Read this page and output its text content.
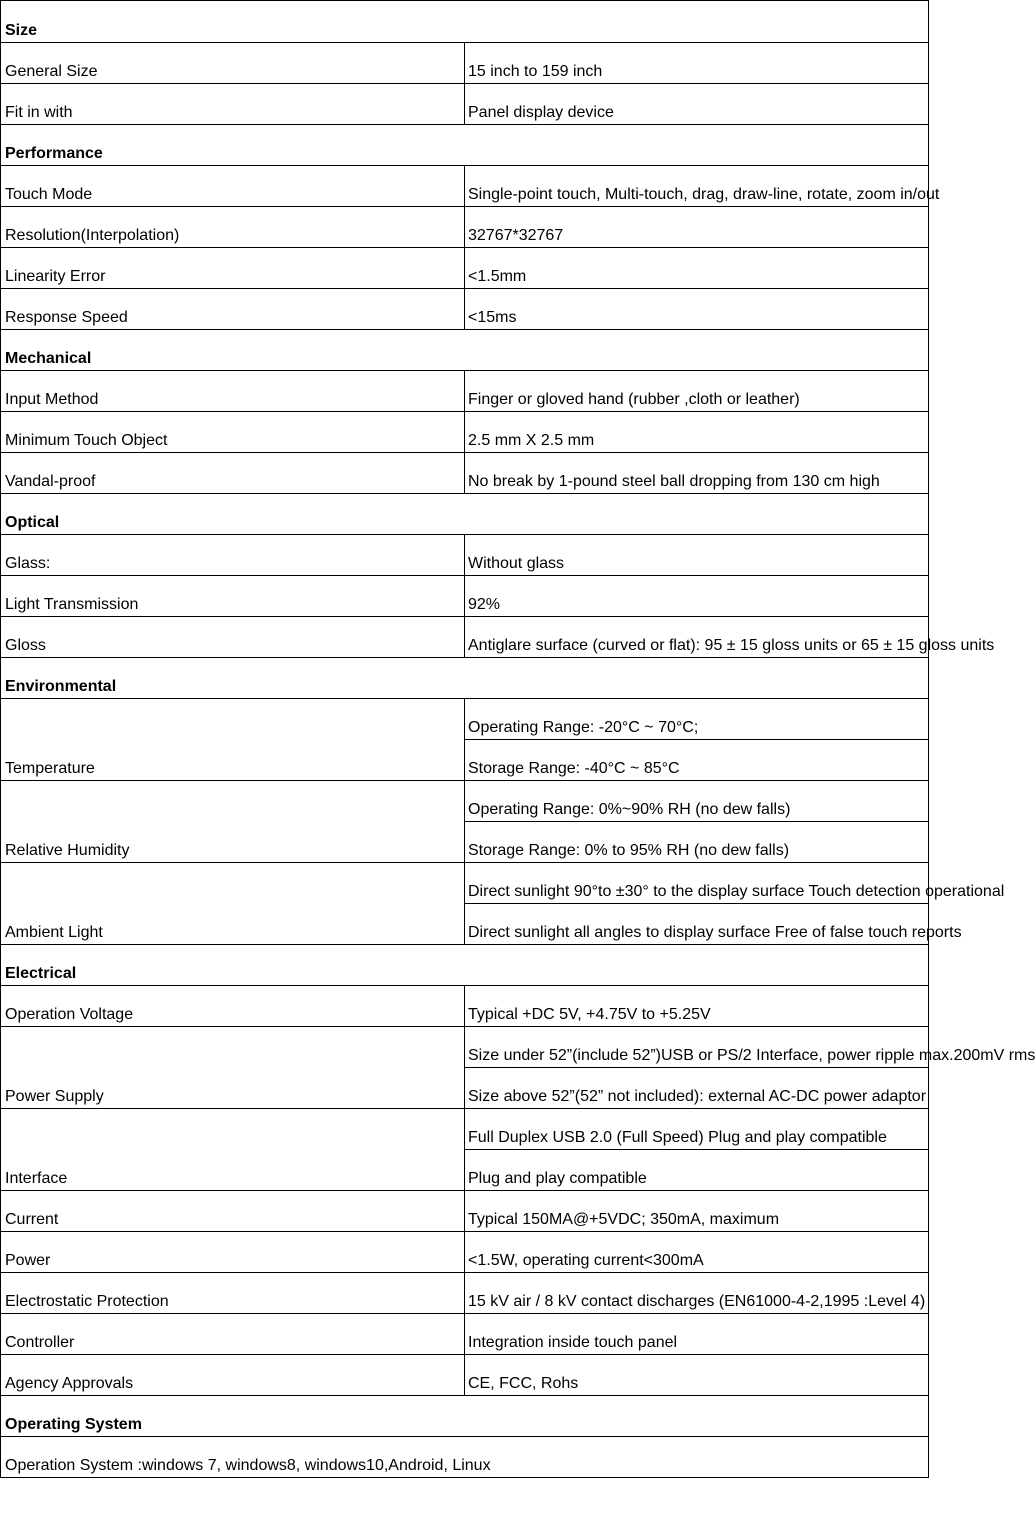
Size	
General Size	15 inch to 159 inch
Fit in with	Panel display device
Performance	
Touch Mode	Single-point touch, Multi-touch, drag, draw-line, rotate, zoom in/out
Resolution(Interpolation)	32767*32767
Linearity Error	<1.5mm
Response Speed	<15ms
Mechanical	
Input Method	Finger or gloved hand (rubber ,cloth or leather)
Minimum Touch Object	2.5 mm X 2.5 mm
Vandal-proof	No break by 1-pound steel ball dropping from 130 cm high
Optical	
Glass:	Without glass
Light Transmission	92%
Gloss	Antiglare surface (curved or flat): 95 ± 15 gloss units or 65 ± 15 gloss units
Environmental	
Temperature	Operating Range: -20°C ~ 70°C;
	Storage Range: -40°C ~ 85°C
Relative Humidity	Operating Range: 0%~90% RH (no dew falls)
	Storage Range: 0% to 95% RH (no dew falls)
Ambient Light	Direct sunlight 90°to ±30° to the display surface Touch detection operational
	Direct sunlight all angles to display surface Free of false touch reports
Electrical	
Operation Voltage	Typical +DC 5V, +4.75V to +5.25V
Power Supply	Size under 52”(include 52”)USB or PS/2 Interface, power ripple max.200mV rms
	Size above 52”(52” not included): external AC-DC power adaptor
Interface	Full Duplex USB 2.0 (Full Speed) Plug and play compatible
	Plug and play compatible
Current	Typical 150MA@+5VDC; 350mA, maximum
Power	<1.5W, operating current<300mA
Electrostatic Protection	15 kV air / 8 kV contact discharges (EN61000-4-2,1995 :Level 4)
Controller	Integration inside touch panel
Agency Approvals	CE, FCC, Rohs
Operating System	
Operation System :windows 7, windows8, windows10,Android, Linux	
